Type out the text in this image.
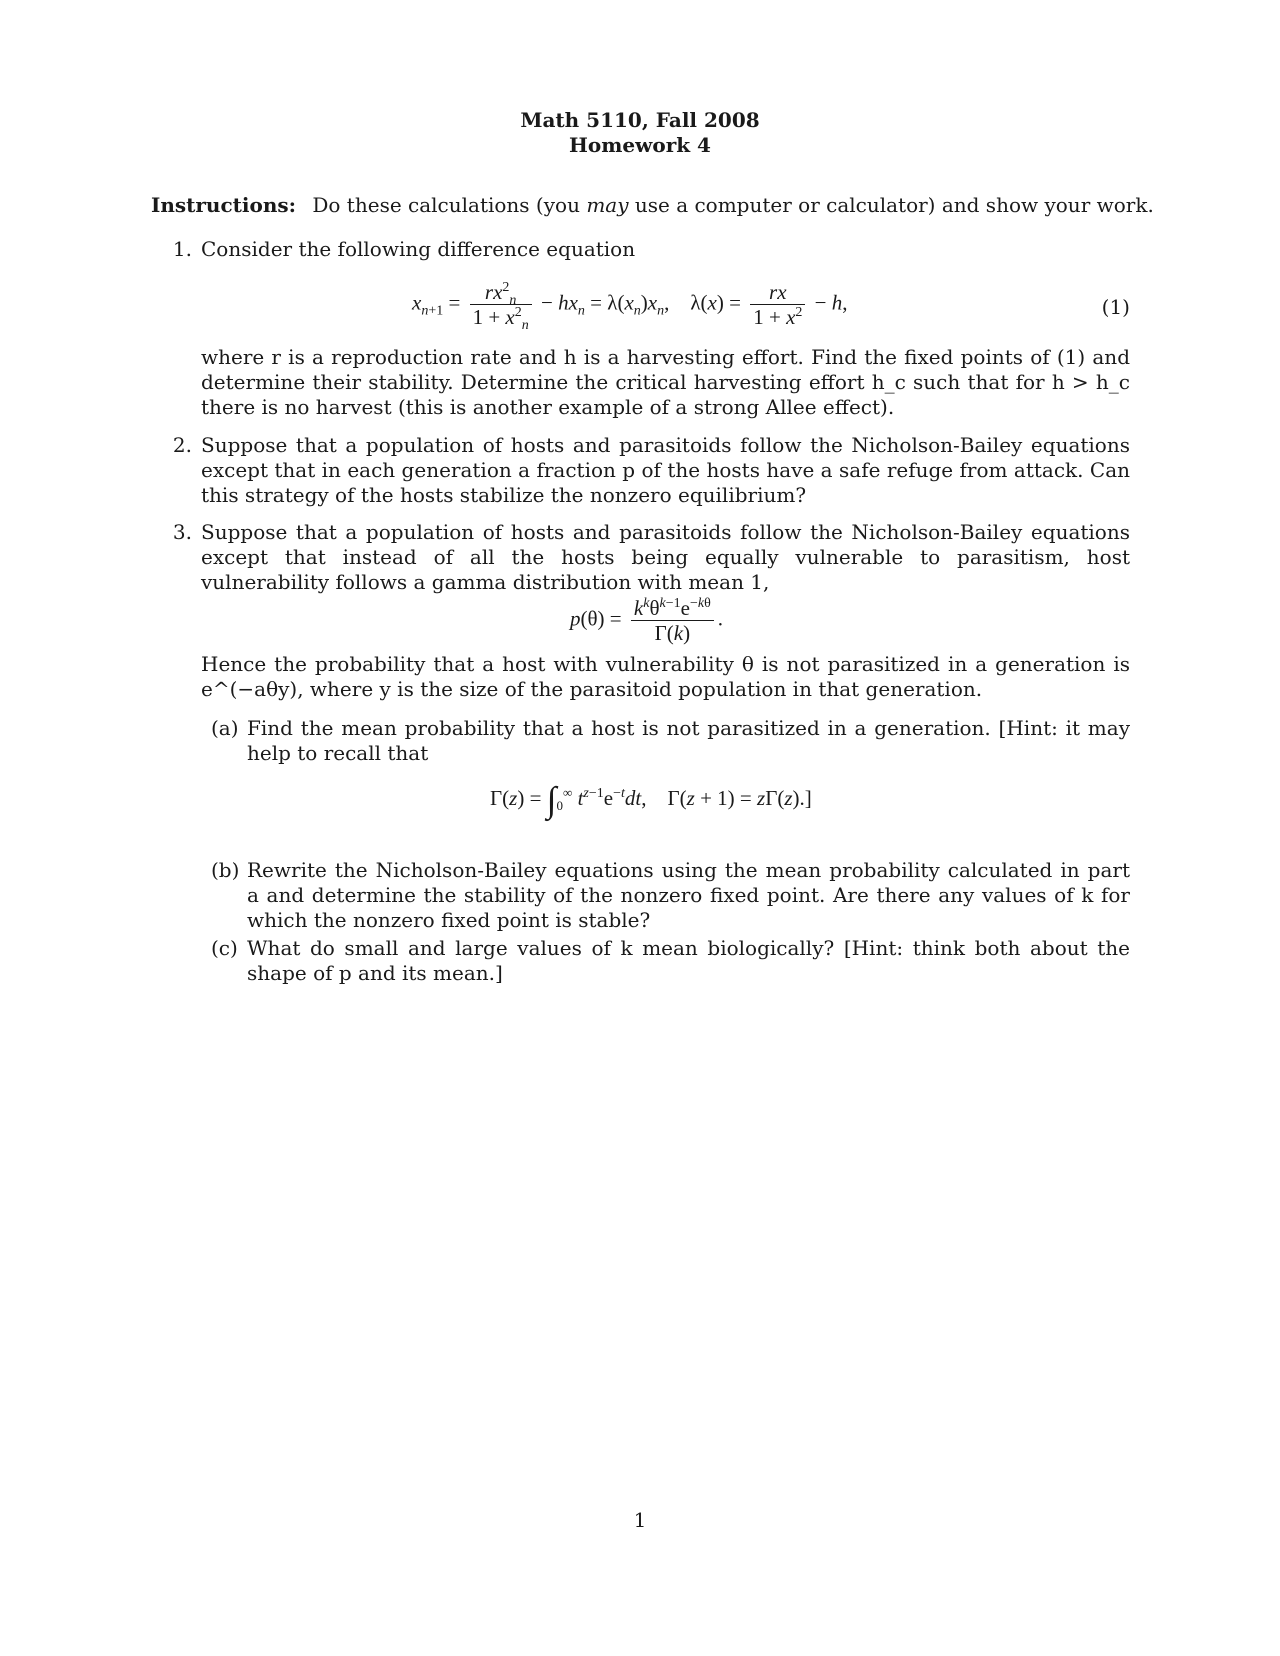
Math 5110, Fall 2008
Homework 4
Instructions: Do these calculations (you may use a computer or calculator) and show your work.
1. Consider the following difference equation
$x_{n+1} = \frac{rx^2_n}{1 + x^2_n} - hx_n = \lambda(x_n)x_n$,    $\lambda(x) = \frac{rx}{1 + x^2} - h$,	(1)
where r is a reproduction rate and h is a harvesting effort. Find the fixed points of (1) and determine their stability. Determine the critical harvesting effort h_c such that for h > h_c there is no harvest (this is another example of a strong Allee effect).
2. Suppose that a population of hosts and parasitoids follow the Nicholson-Bailey equations except that in each generation a fraction p of the hosts have a safe refuge from attack. Can this strategy of the hosts stabilize the nonzero equilibrium?
3. Suppose that a population of hosts and parasitoids follow the Nicholson-Bailey equations except that instead of all the hosts being equally vulnerable to parasitism, host vulnerability follows a gamma distribution with mean 1,
$p(\theta) = \frac{k^k\theta^{k-1}e^{-k\theta}}{\Gamma(k)}$ .
Hence the probability that a host with vulnerability θ is not parasitized in a generation is e^(−aθy), where y is the size of the parasitoid population in that generation.
(a) Find the mean probability that a host is not parasitized in a generation. [Hint: it may help to recall that
$\Gamma(z) = \int_0^\infty$ $t^{z-1}e^{-t}dt$,    Γ(z + 1) = zΓ(z).]
(b) Rewrite the Nicholson-Bailey equations using the mean probability calculated in part a and determine the stability of the nonzero fixed point. Are there any values of k for which the nonzero fixed point is stable?
(c) What do small and large values of k mean biologically? [Hint: think both about the shape of p and its mean.]
1
